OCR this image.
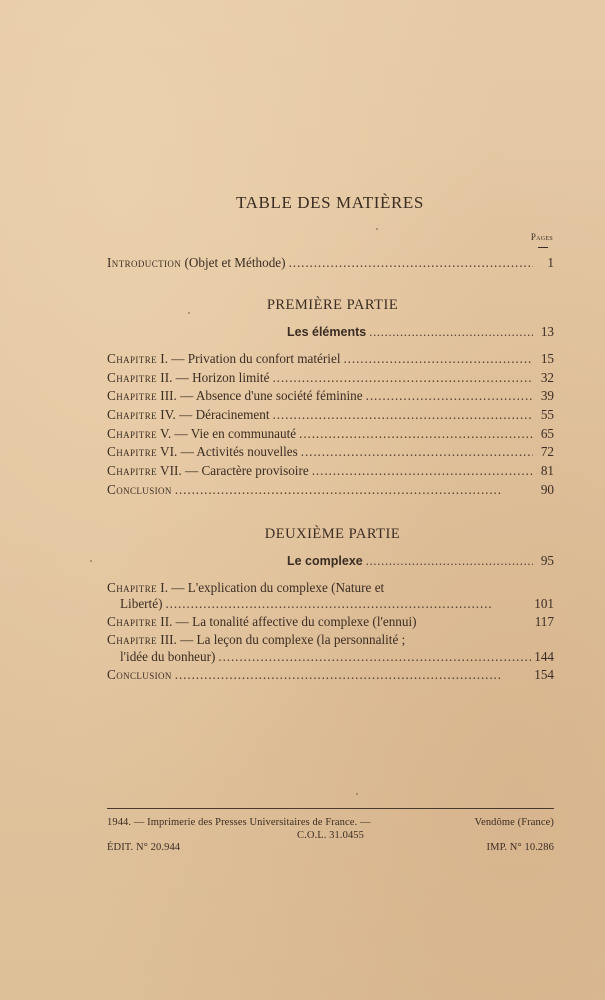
TABLE DES MATIÈRES
Pages
Introduction (Objet et Méthode) . . .	1
PREMIÈRE PARTIE
Les éléments . . .	13
Chapitre I. — Privation du confort matériel . . .	15
Chapitre II. — Horizon limité . . .	32
Chapitre III. — Absence d'une société féminine . . .	39
Chapitre IV. — Déracinement . . .	55
Chapitre V. — Vie en communauté . . .	65
Chapitre VI. — Activités nouvelles . . .	72
Chapitre VII. — Caractère provisoire . . .	81
Conclusion . . .	90
DEUXIÈME PARTIE
Le complexe . . .	95
Chapitre I. — L'explication du complexe (Nature et
Liberté) . . .	101
Chapitre II. — La tonalité affective du complexe (l'ennui)	117
Chapitre III. — La leçon du complexe (la personnalité ;
l'idée du bonheur) . . .	144
Conclusion . . .	154
1944. — Imprimerie des Presses Universitaires de France. —	Vendôme (France)
C.O.L. 31.0455
ÉDIT. N° 20.944	IMP. N° 10.286
